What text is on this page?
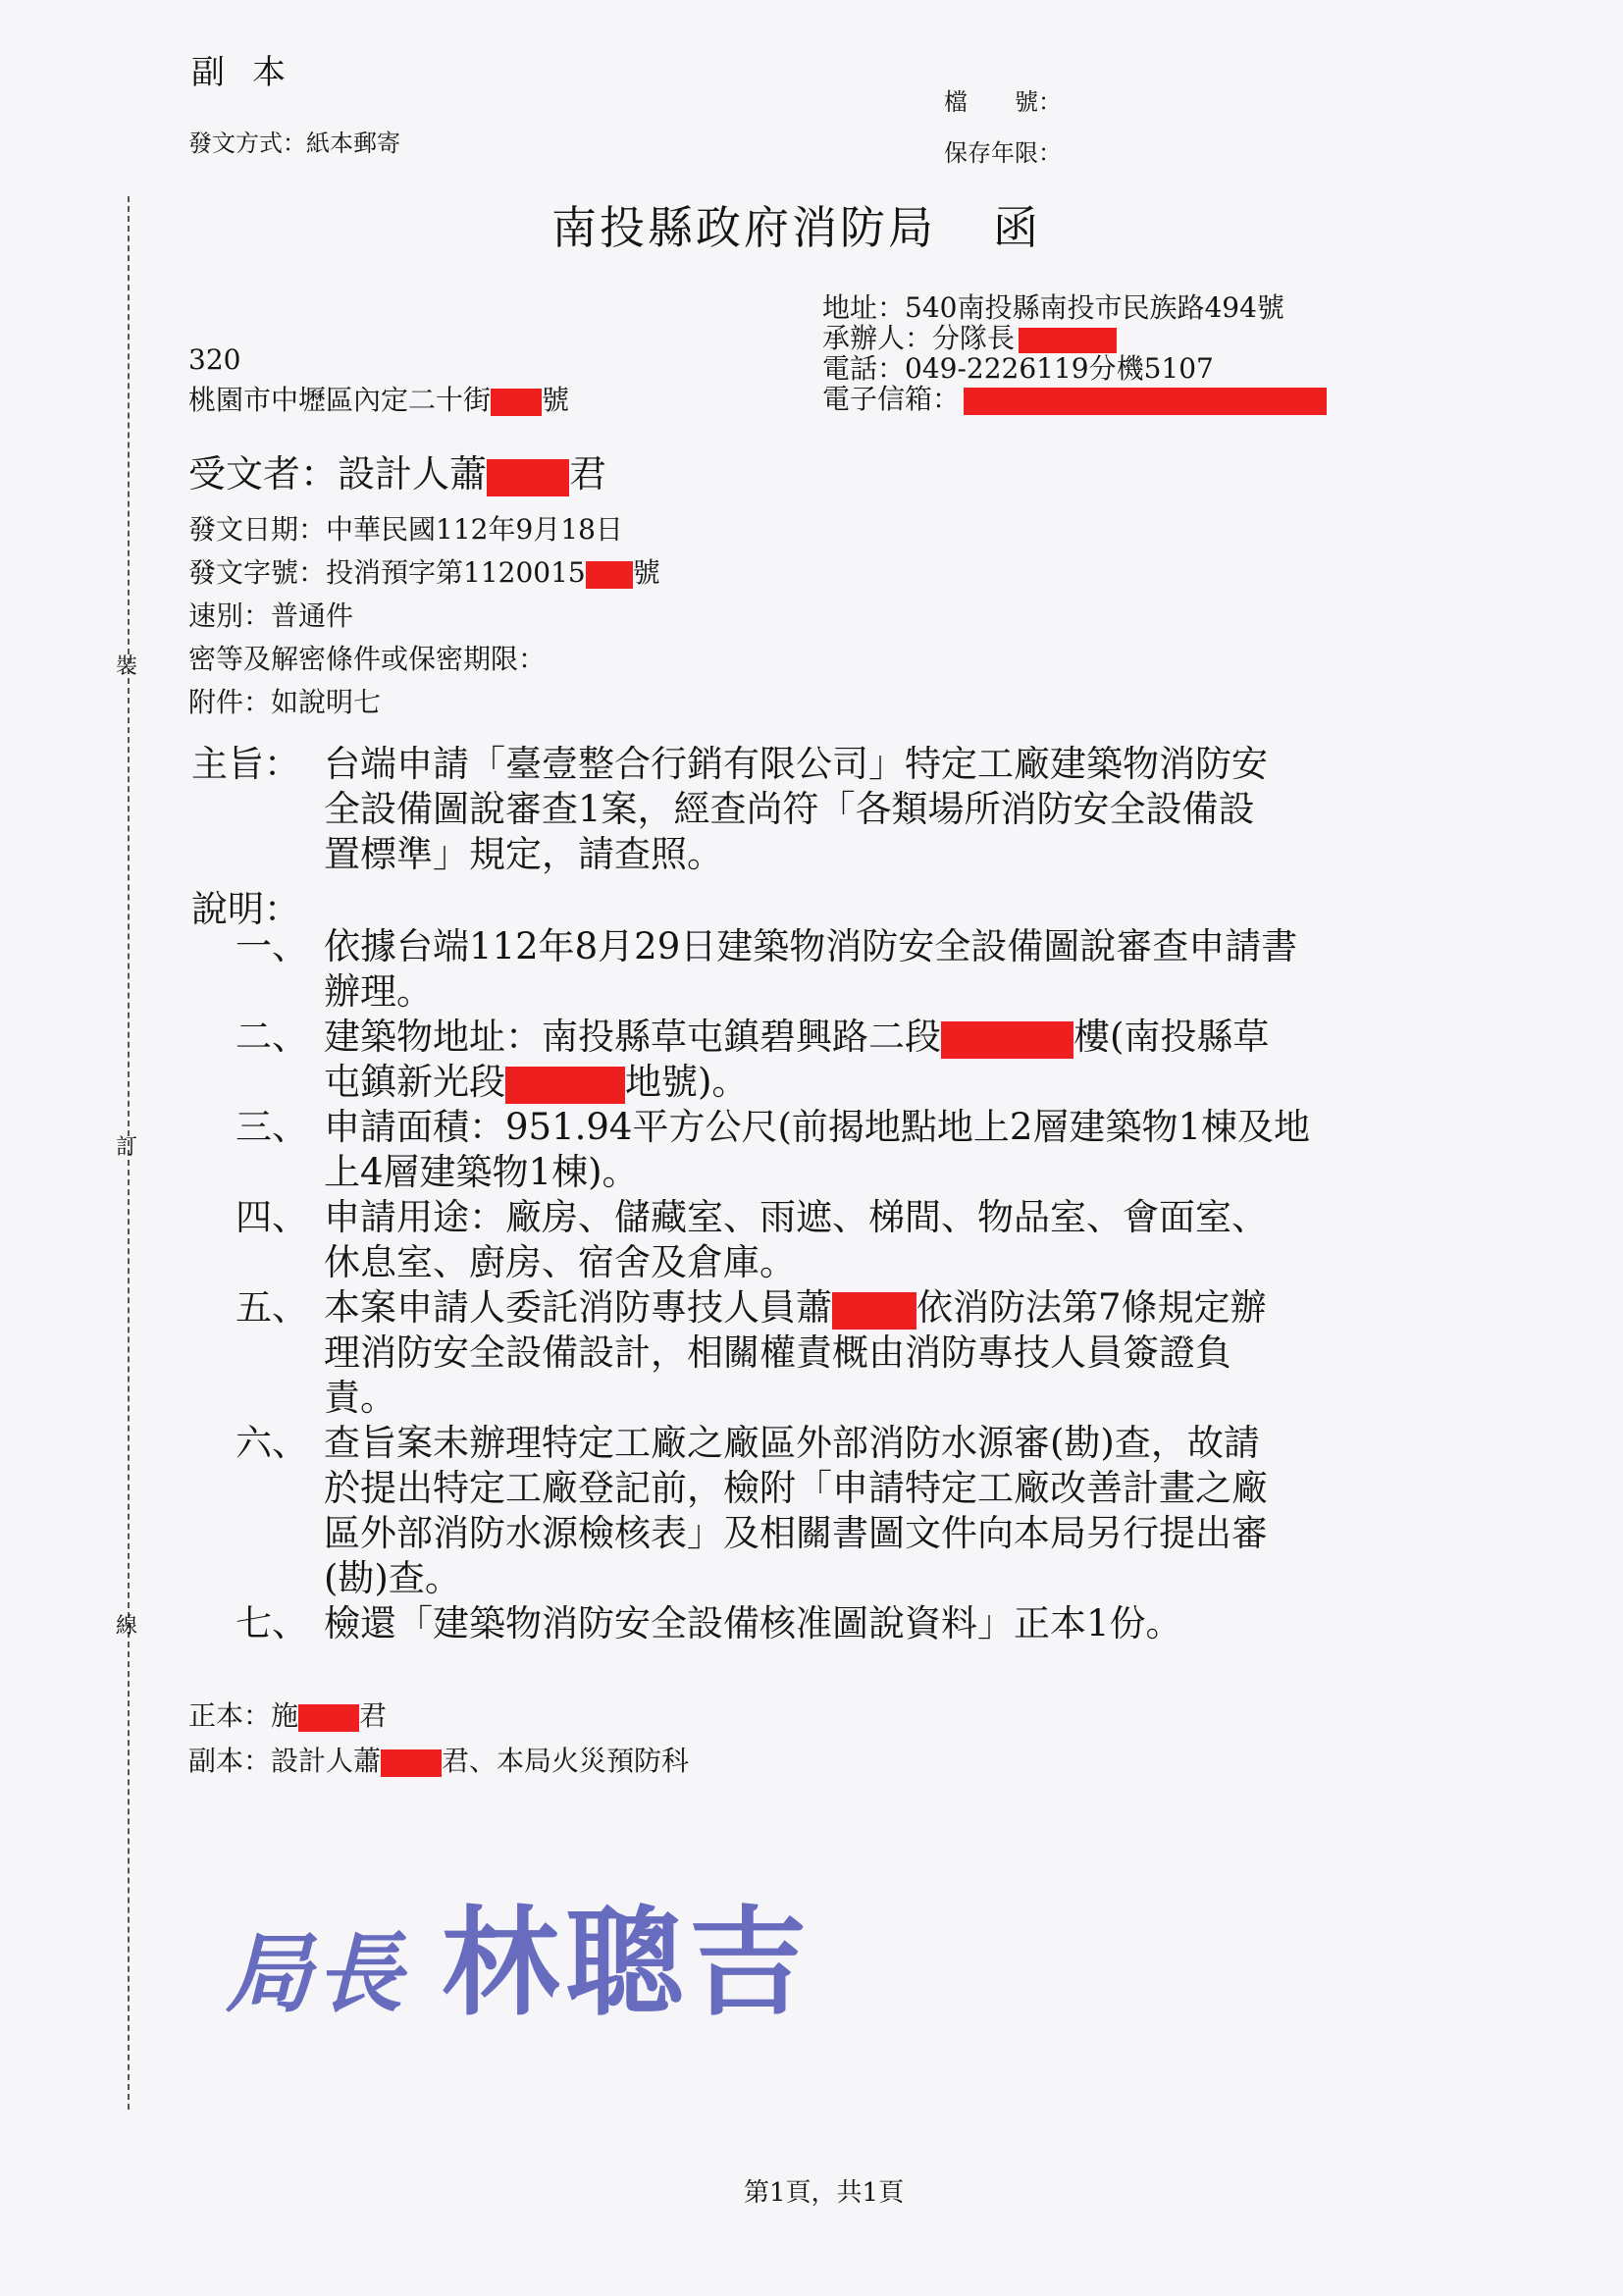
裝
訂
線
副本
發文方式：紙本郵寄
檔　　號：
保存年限：
南投縣政府消防局 函
地址：540南投縣南投市民族路494號
承辦人：分隊長
電話：049-2226119分機5107
電子信箱：
320
桃園市中壢區內定二十街 號
受文者：設計人蕭 君
發文日期：中華民國112年9月18日
發文字號：投消預字第1120015 號
速別：普通件
密等及解密條件或保密期限：
附件：如說明七
主旨： 台端申請「臺壹整合行銷有限公司」特定工廠建築物消防安
全設備圖說審查1案，經查尚符「各類場所消防安全設備設
置標準」規定，請查照。
說明：
一、 依據台端112年8月29日建築物消防安全設備圖說審查申請書
辦理。
二、 建築物地址：南投縣草屯鎮碧興路二段	樓(南投縣草
屯鎮新光段	地號)。
三、 申請面積：951.94平方公尺(前揭地點地上2層建築物1棟及地
上4層建築物1棟)。
四、 申請用途：廠房、儲藏室、雨遮、梯間、物品室、會面室、
休息室、廚房、宿舍及倉庫。
五、 本案申請人委託消防專技人員蕭 依消防法第7條規定辦
理消防安全設備設計，相關權責概由消防專技人員簽證負
責。
六、 查旨案未辦理特定工廠之廠區外部消防水源審(勘)查，故請
於提出特定工廠登記前，檢附「申請特定工廠改善計畫之廠
區外部消防水源檢核表」及相關書圖文件向本局另行提出審
(勘)查。
七、 檢還「建築物消防安全設備核准圖說資料」正本1份。
正本：施 君
副本：設計人蕭 君、本局火災預防科
局長 林聰吉
第1頁，共1頁
